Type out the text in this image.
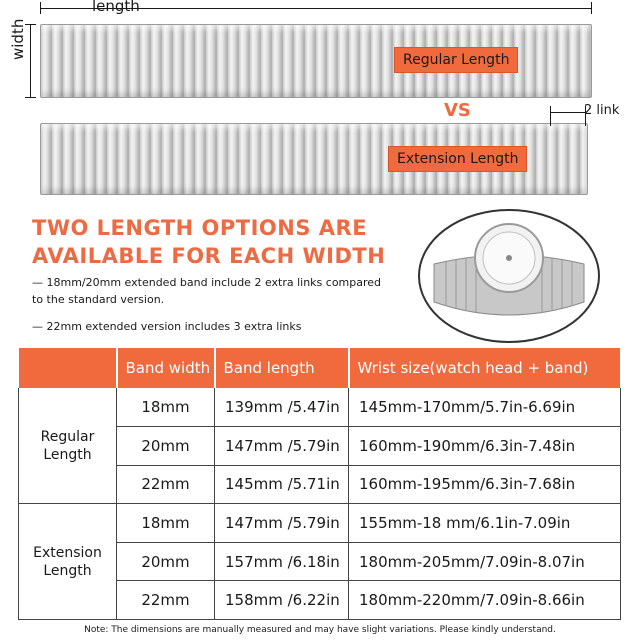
Regular Length
length
width
VS
Extension Length
2 link
TWO LENGTH OPTIONS ARE
AVAILABLE FOR EACH WIDTH
— 18mm/20mm extended band include 2 extra links compared to the standard version.
— 22mm extended version includes 3 extra links
	Band width	Band length	Wrist size(watch head + band)
Regular Length	18mm	139mm /5.47in	145mm-170mm/5.7in-6.69in
	20mm	147mm /5.79in	160mm-190mm/6.3in-7.48in
	22mm	145mm /5.71in	160mm-195mm/6.3in-7.68in
Extension Length	18mm	147mm /5.79in	155mm-18 mm/6.1in-7.09in
	20mm	157mm /6.18in	180mm-205mm/7.09in-8.07in
	22mm	158mm /6.22in	180mm-220mm/7.09in-8.66in
Note: The dimensions are manually measured and may have slight variations. Please kindly understand.
